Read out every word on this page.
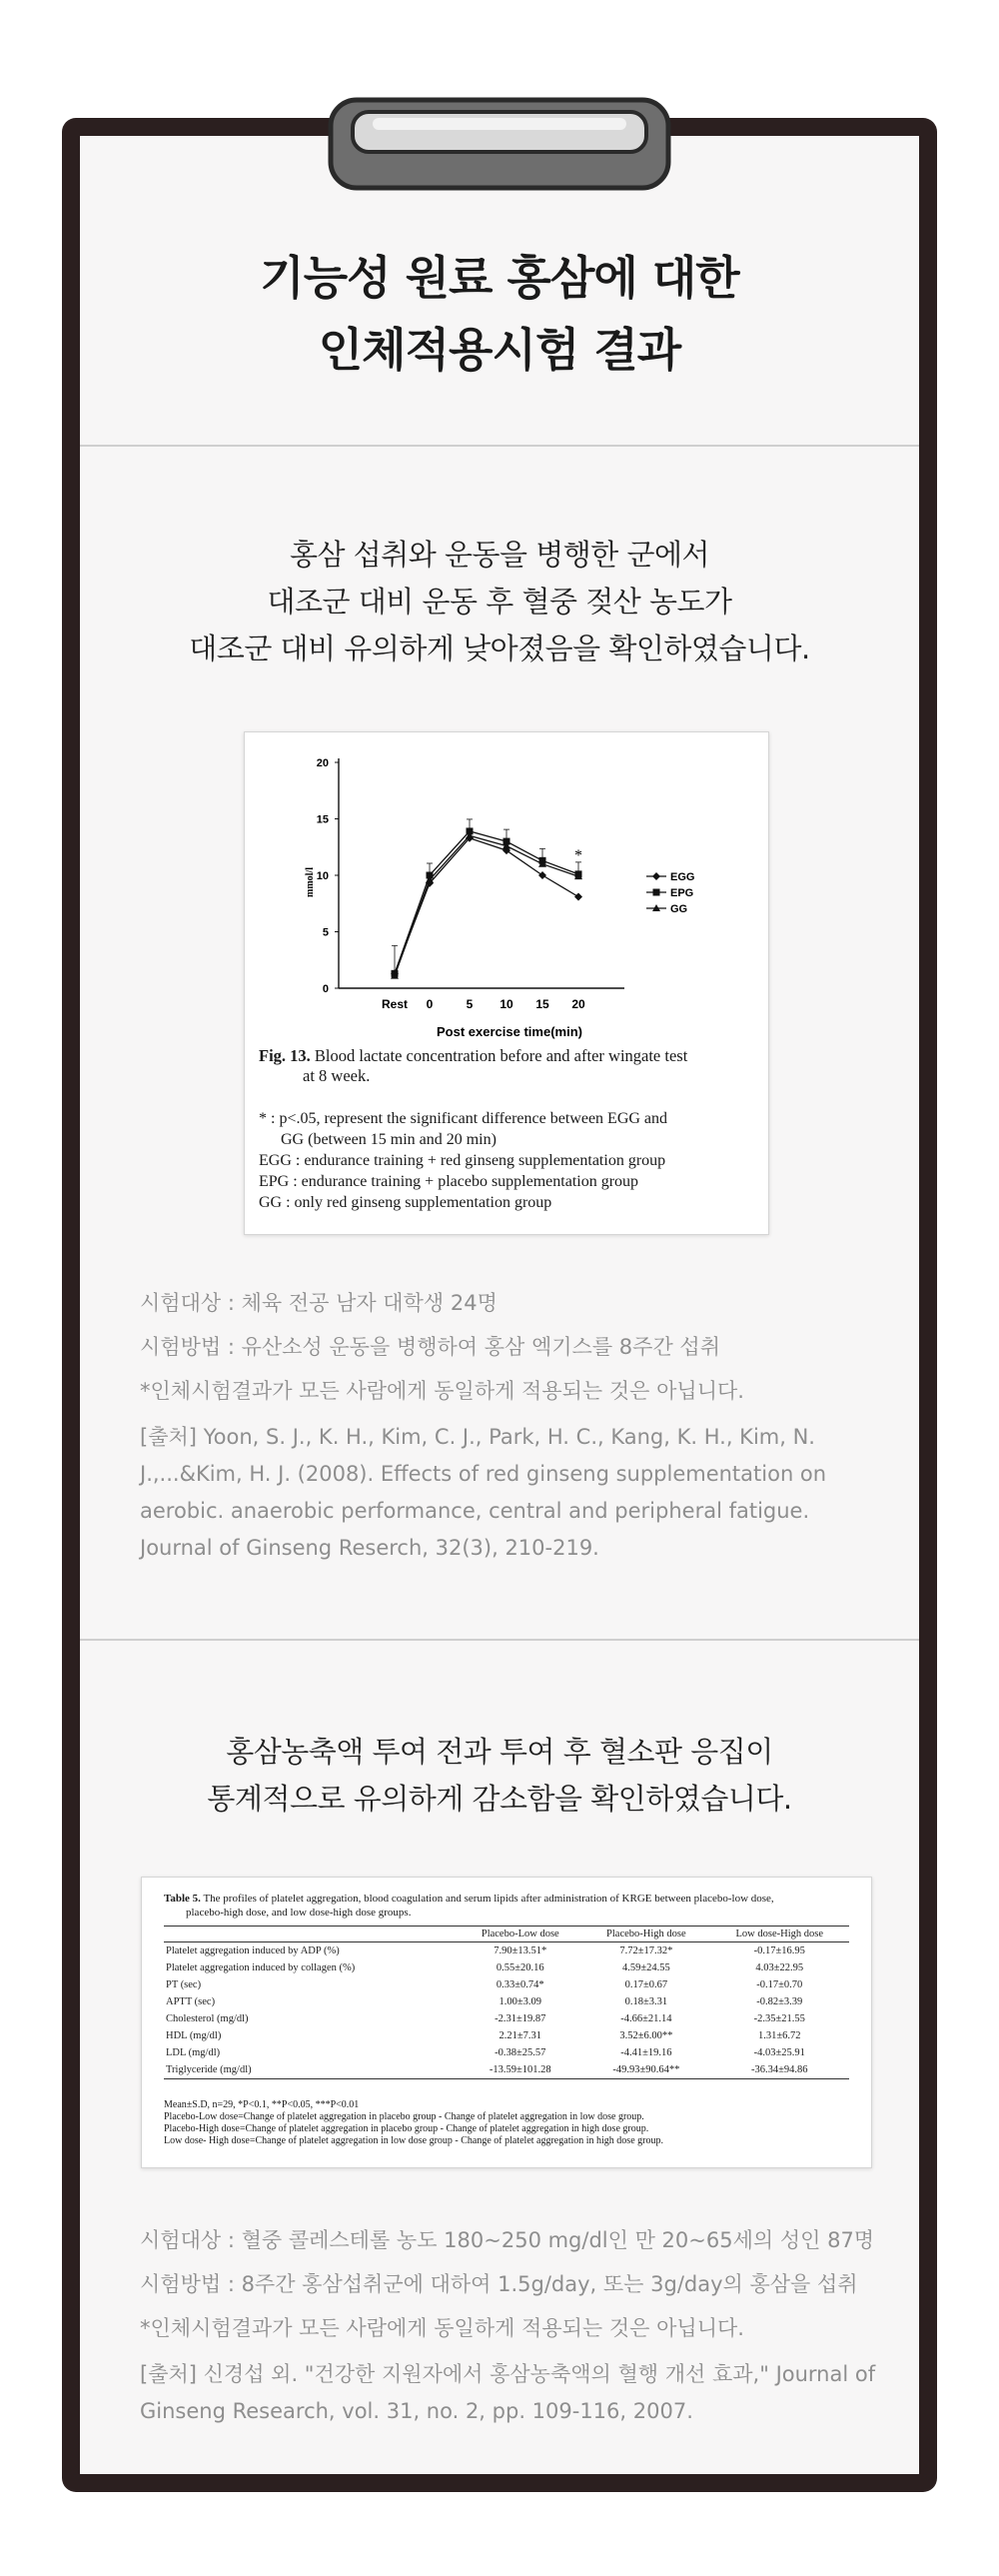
기능성 원료 홍삼에 대한
인체적용시험 결과
홍삼 섭취와 운동을 병행한 군에서
대조군 대비 운동 후 혈중 젖산 농도가
대조군 대비 유의하게 낮아졌음을 확인하였습니다.
0
5
10
15
20
mmol/l
Rest 0	5 10 15 20
Post exercise time(min)
*
EGG
EPG
GG
Fig. 13. Blood lactate concentration before and after wingate test
at 8 week.
* : p<.05, represent the significant difference between EGG and
GG (between 15 min and 20 min)
EGG : endurance training + red ginseng supplementation group
EPG : endurance training + placebo supplementation group
GG : only red ginseng supplementation group
시험대상 : 체육 전공 남자 대학생 24명
시험방법 : 유산소성 운동을 병행하여 홍삼 엑기스를 8주간 섭취
*인체시험결과가 모든 사람에게 동일하게 적용되는 것은 아닙니다.
[출처] Yoon, S. J., K. H., Kim, C. J., Park, H. C., Kang, K. H., Kim, N. J.,...&Kim, H. J. (2008). Effects of red ginseng supplementation on aerobic. anaerobic performance, central and peripheral fatigue. Journal of Ginseng Reserch, 32(3), 210-219.
홍삼농축액 투여 전과 투여 후 혈소판 응집이
통계적으로 유의하게 감소함을 확인하였습니다.
Table 5. The profiles of platelet aggregation, blood coagulation and serum lipids after administration of KRGE between placebo-low dose,
placebo-high dose, and low dose-high dose groups.
	Placebo-Low dose	Placebo-High dose	Low dose-High dose
Platelet aggregation induced by ADP (%)	7.90±13.51*	7.72±17.32*	-0.17±16.95
Platelet aggregation induced by collagen (%)	0.55±20.16	4.59±24.55	4.03±22.95
PT (sec)	0.33±0.74*	0.17±0.67	-0.17±0.70
APTT (sec)	1.00±3.09	0.18±3.31	-0.82±3.39
Cholesterol (mg/dl)	-2.31±19.87	-4.66±21.14	-2.35±21.55
HDL (mg/dl)	2.21±7.31	3.52±6.00**	1.31±6.72
LDL (mg/dl)	-0.38±25.57	-4.41±19.16	-4.03±25.91
Triglyceride (mg/dl)	-13.59±101.28	-49.93±90.64**	-36.34±94.86
Mean±S.D, n=29, *P<0.1, **P<0.05, ***P<0.01
Placebo-Low dose=Change of platelet aggregation in placebo group - Change of platelet aggregation in low dose group.
Placebo-High dose=Change of platelet aggregation in placebo group - Change of platelet aggregation in high dose group.
Low dose- High dose=Change of platelet aggregation in low dose group - Change of platelet aggregation in high dose group.
시험대상 : 혈중 콜레스테롤 농도 180~250 mg/dl인 만 20~65세의 성인 87명
시험방법 : 8주간 홍삼섭취군에 대하여 1.5g/day, 또는 3g/day의 홍삼을 섭취
*인체시험결과가 모든 사람에게 동일하게 적용되는 것은 아닙니다.
[출처] 신경섭 외. "건강한 지원자에서 홍삼농축액의 혈행 개선 효과," Journal of Ginseng Research, vol. 31, no. 2, pp. 109-116, 2007.
